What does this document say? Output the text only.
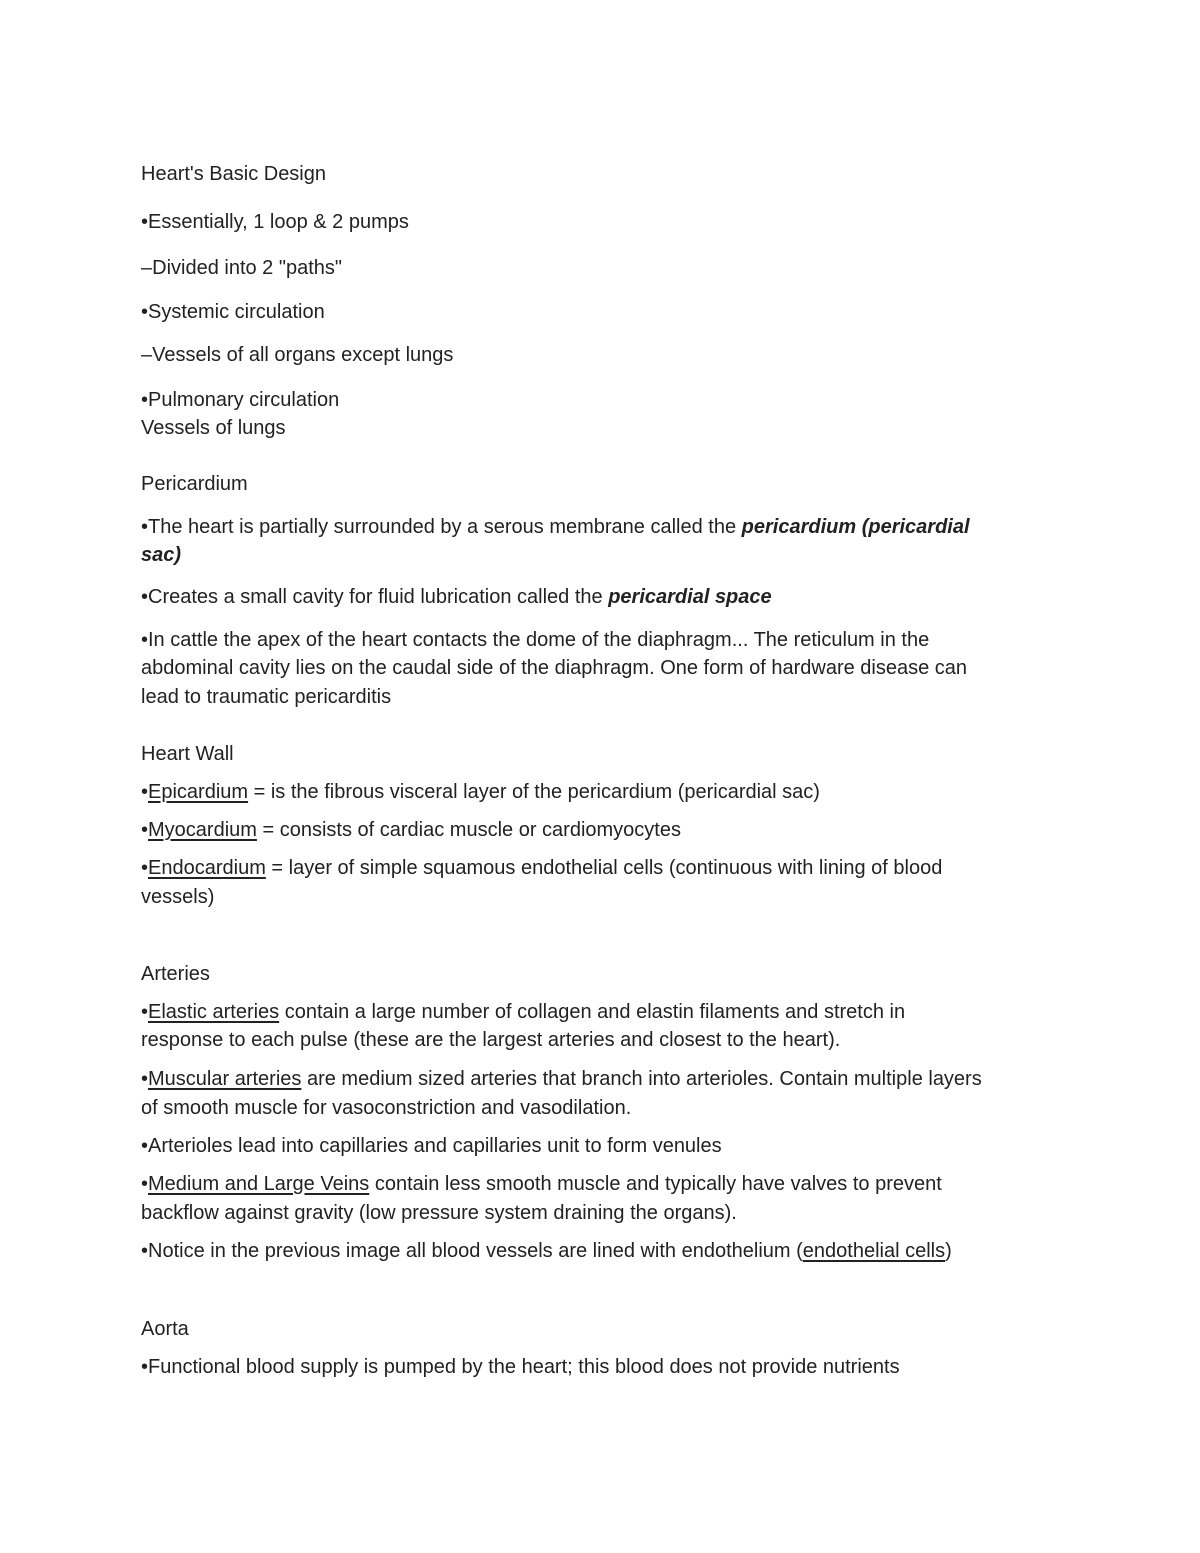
Heart's Basic Design
•Essentially, 1 loop & 2 pumps
–Divided into 2 "paths"
•Systemic circulation
–Vessels of all organs except lungs
•Pulmonary circulation
Vessels of lungs
Pericardium
•The heart is partially surrounded by a serous membrane called the pericardium (pericardial
sac)
•Creates a small cavity for fluid lubrication called the pericardial space
•In cattle the apex of the heart contacts the dome of the diaphragm... The reticulum in the
abdominal cavity lies on the caudal side of the diaphragm. One form of hardware disease can
lead to traumatic pericarditis
Heart Wall
•Epicardium = is the fibrous visceral layer of the pericardium (pericardial sac)
•Myocardium = consists of cardiac muscle or cardiomyocytes
•Endocardium = layer of simple squamous endothelial cells (continuous with lining of blood
vessels)
Arteries
•Elastic arteries contain a large number of collagen and elastin filaments and stretch in
response to each pulse (these are the largest arteries and closest to the heart).
•Muscular arteries are medium sized arteries that branch into arterioles. Contain multiple layers
of smooth muscle for vasoconstriction and vasodilation.
•Arterioles lead into capillaries and capillaries unit to form venules
•Medium and Large Veins contain less smooth muscle and typically have valves to prevent
backflow against gravity (low pressure system draining the organs).
•Notice in the previous image all blood vessels are lined with endothelium (endothelial cells)
Aorta
•Functional blood supply is pumped by the heart; this blood does not provide nutrients
